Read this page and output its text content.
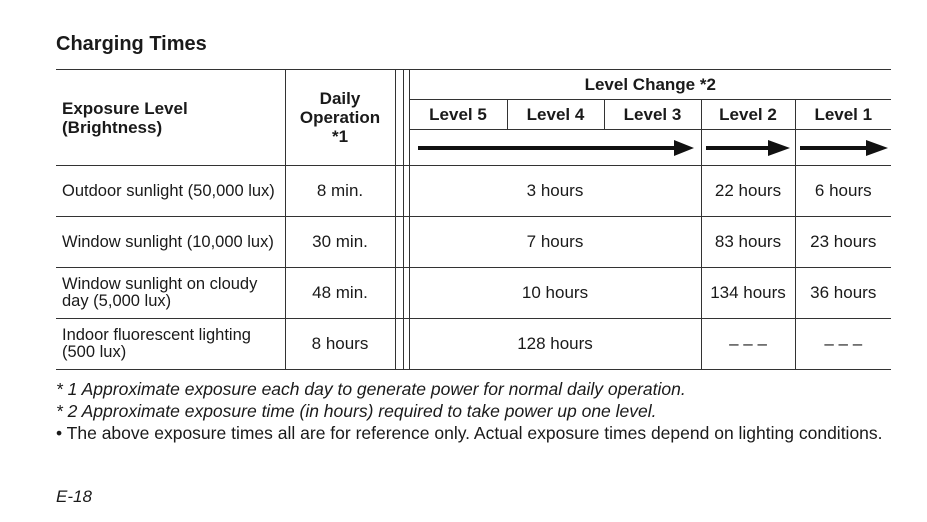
Charging Times
Exposure Level (Brightness)	Daily Operation *1			Level Change *2				
				Level 5	Level 4	Level 3	Level 2	Level 1

Outdoor sunlight (50,000 lux)	8 min.			3 hours			22 hours	6 hours
Window sunlight (10,000 lux)	30 min.			7 hours			83 hours	23 hours
Window sunlight on cloudy day (5,000 lux)	48 min.			10 hours			134 hours	36 hours
Indoor fluorescent lighting (500 lux)	8 hours			128 hours			– – –	– – –

* 1 Approximate exposure each day to generate power for normal daily operation.

* 2 Approximate exposure time (in hours) required to take power up one level.

• The above exposure times all are for reference only. Actual exposure times depend on lighting conditions.

E-18
